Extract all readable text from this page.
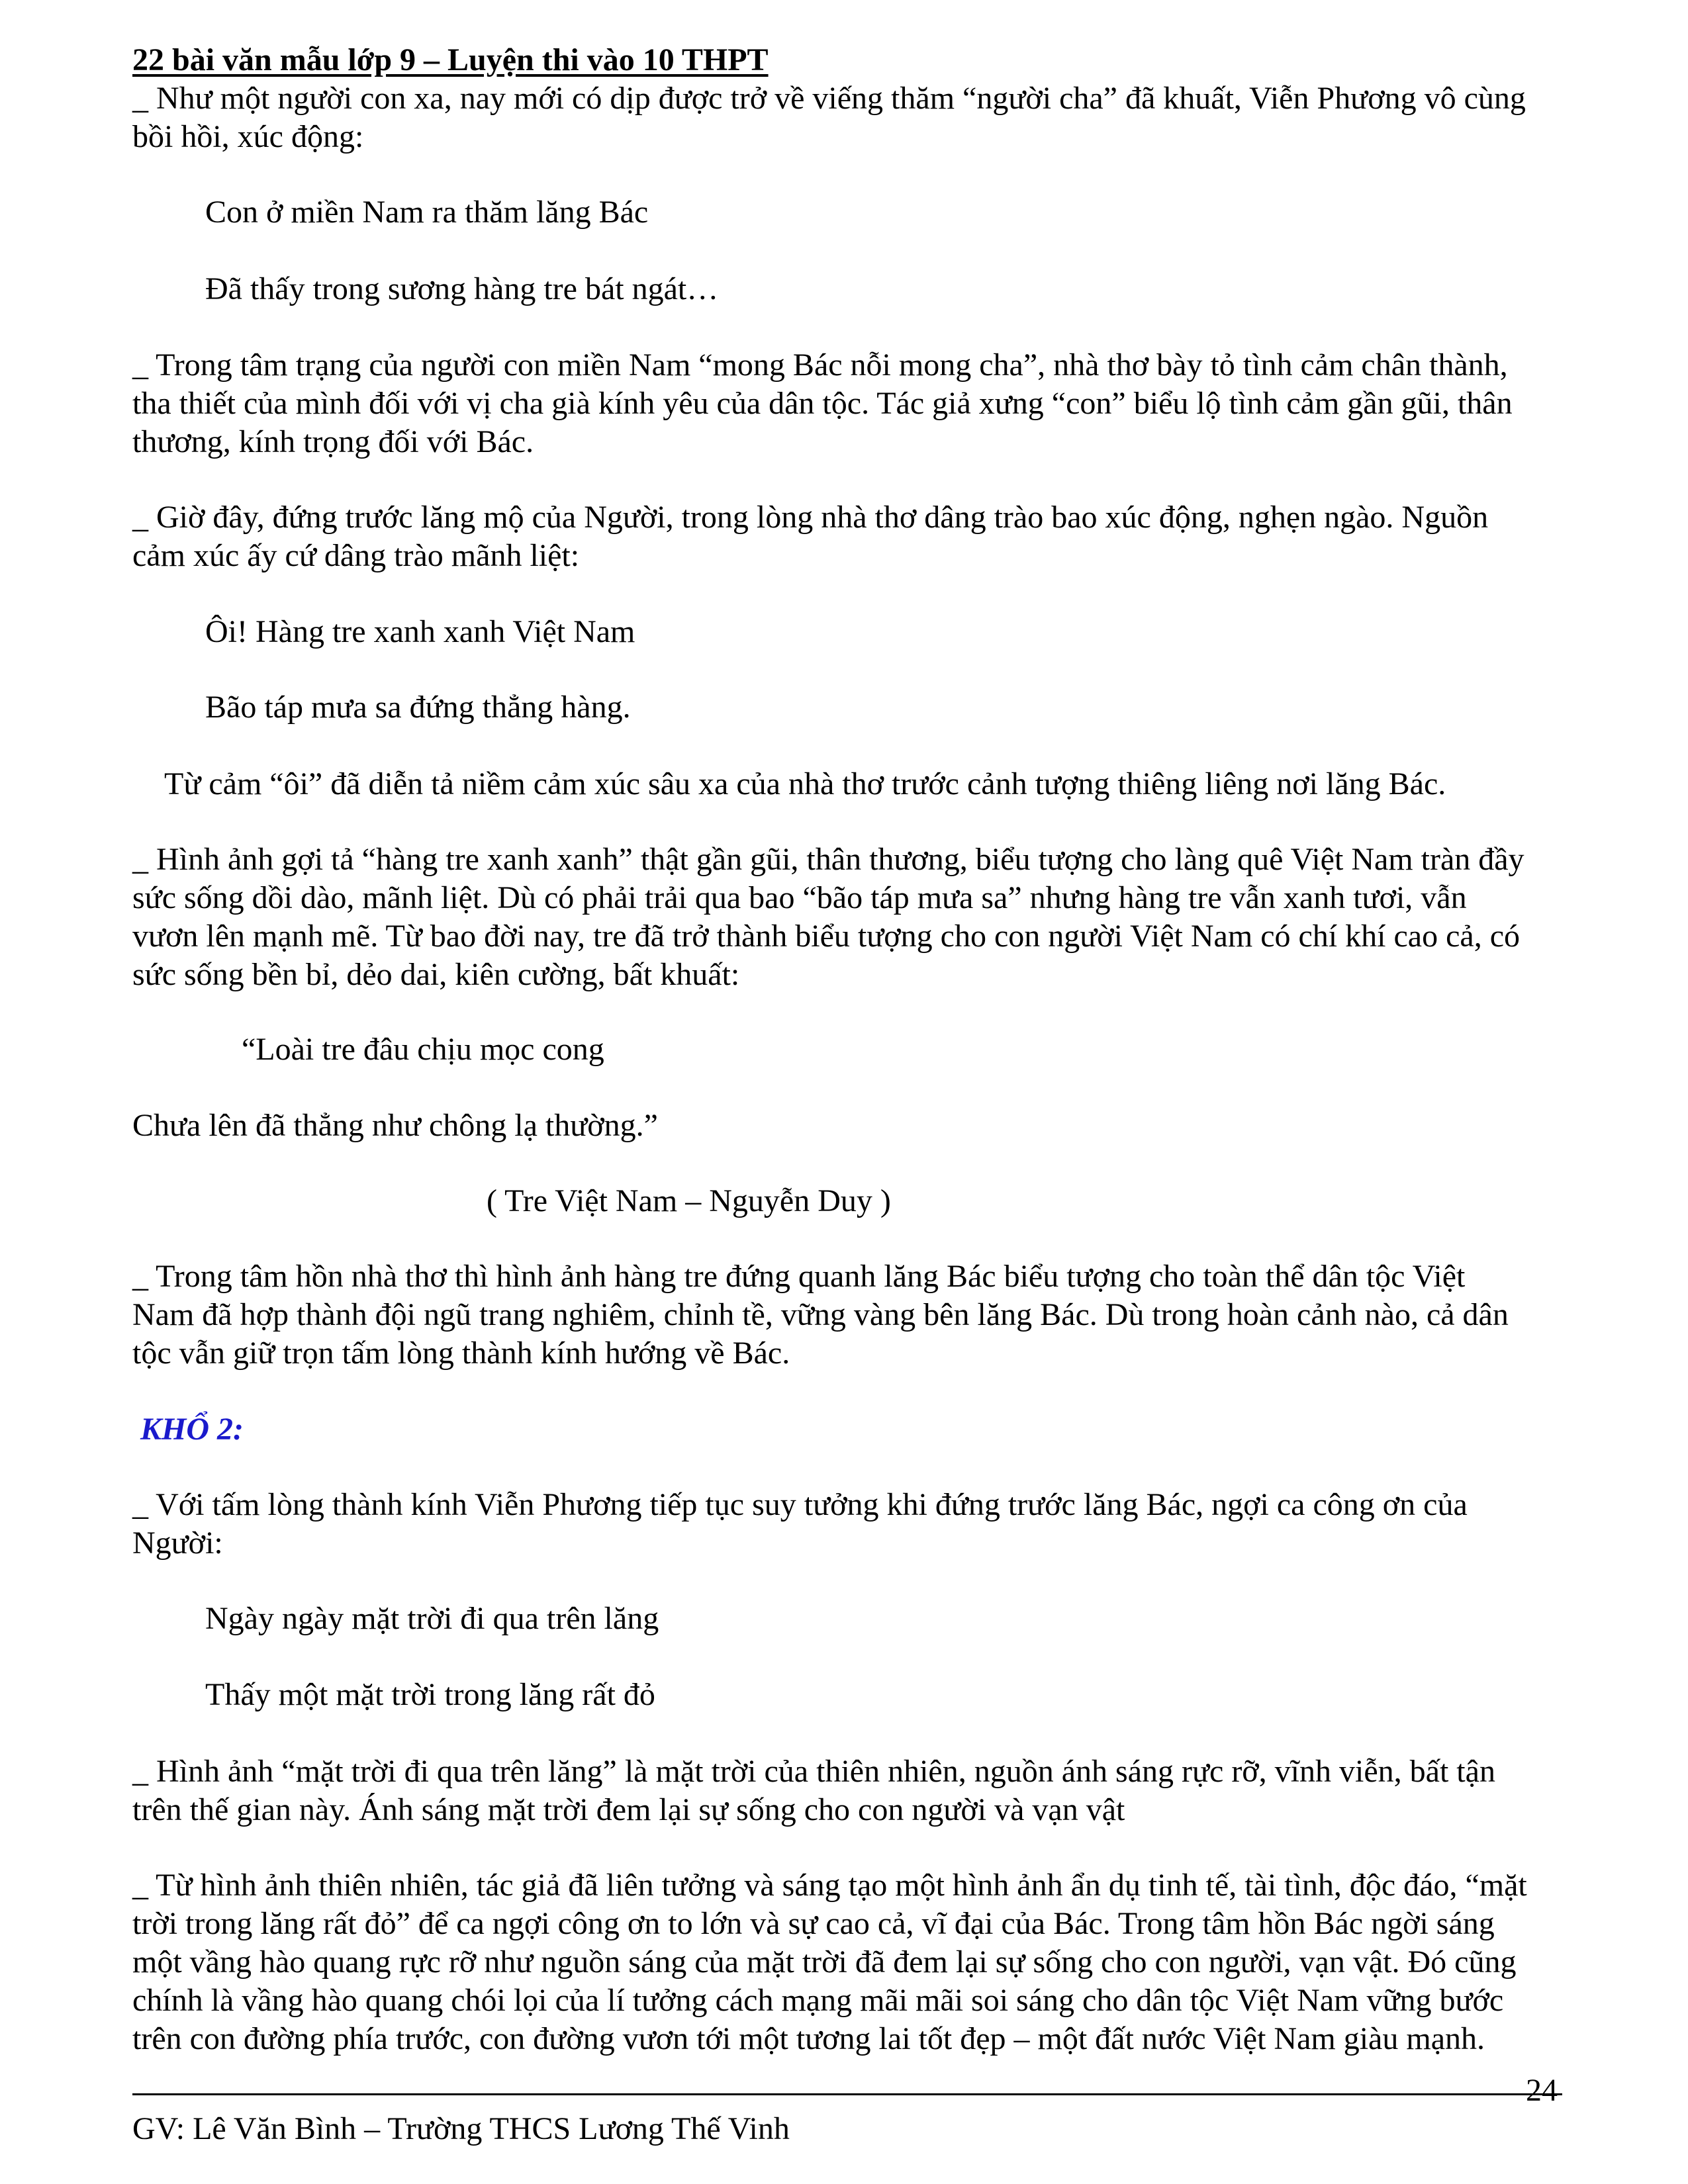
22 bài văn mẫu lớp 9 – Luyện thi vào 10 THPT
_ Như một người con xa, nay mới có dịp được trở về viếng thăm “người cha” đã khuất, Viễn Phương vô cùng
bồi hồi, xúc động:
Con ở miền Nam ra thăm lăng Bác
Đã thấy trong sương hàng tre bát ngát…
_ Trong tâm trạng của người con miền Nam “mong Bác nỗi mong cha”, nhà thơ bày tỏ tình cảm chân thành,
tha thiết của mình đối với vị cha già kính yêu của dân tộc. Tác giả xưng “con” biểu lộ tình cảm gần gũi, thân
thương, kính trọng đối với Bác.
_ Giờ đây, đứng trước lăng mộ của Người, trong lòng nhà thơ dâng trào bao xúc động, nghẹn ngào. Nguồn
cảm xúc ấy cứ dâng trào mãnh liệt:
Ôi! Hàng tre xanh xanh Việt Nam
Bão táp mưa sa đứng thẳng hàng.
Từ cảm “ôi” đã diễn tả niềm cảm xúc sâu xa của nhà thơ trước cảnh tượng thiêng liêng nơi lăng Bác.
_ Hình ảnh gợi tả “hàng tre xanh xanh” thật gần gũi, thân thương, biểu tượng cho làng quê Việt Nam tràn đầy
sức sống dồi dào, mãnh liệt. Dù có phải trải qua bao “bão táp mưa sa” nhưng hàng tre vẫn xanh tươi, vẫn
vươn lên mạnh mẽ. Từ bao đời nay, tre đã trở thành biểu tượng cho con người Việt Nam có chí khí cao cả, có
sức sống bền bỉ, dẻo dai, kiên cường, bất khuất:
“Loài tre đâu chịu mọc cong
Chưa lên đã thẳng như chông lạ thường.”
( Tre Việt Nam – Nguyễn Duy )
_ Trong tâm hồn nhà thơ thì hình ảnh hàng tre đứng quanh lăng Bác biểu tượng cho toàn thể dân tộc Việt
Nam đã hợp thành đội ngũ trang nghiêm, chỉnh tề, vững vàng bên lăng Bác. Dù trong hoàn cảnh nào, cả dân
tộc vẫn giữ trọn tấm lòng thành kính hướng về Bác.
KHỔ 2:
_ Với tấm lòng thành kính Viễn Phương tiếp tục suy tưởng khi đứng trước lăng Bác, ngợi ca công ơn của
Người:
Ngày ngày mặt trời đi qua trên lăng
Thấy một mặt trời trong lăng rất đỏ
_ Hình ảnh “mặt trời đi qua trên lăng” là mặt trời của thiên nhiên, nguồn ánh sáng rực rỡ, vĩnh viễn, bất tận
trên thế gian này. Ánh sáng mặt trời đem lại sự sống cho con người và vạn vật
_ Từ hình ảnh thiên nhiên, tác giả đã liên tưởng và sáng tạo một hình ảnh ẩn dụ tinh tế, tài tình, độc đáo, “mặt
trời trong lăng rất đỏ” để ca ngợi công ơn to lớn và sự cao cả, vĩ đại của Bác. Trong tâm hồn Bác ngời sáng
một vầng hào quang rực rỡ như nguồn sáng của mặt trời đã đem lại sự sống cho con người, vạn vật. Đó cũng
chính là vầng hào quang chói lọi của lí tưởng cách mạng mãi mãi soi sáng cho dân tộc Việt Nam vững bước
trên con đường phía trước, con đường vươn tới một tương lai tốt đẹp – một đất nước Việt Nam giàu mạnh.
24
GV: Lê Văn Bình – Trường THCS Lương Thế Vinh
